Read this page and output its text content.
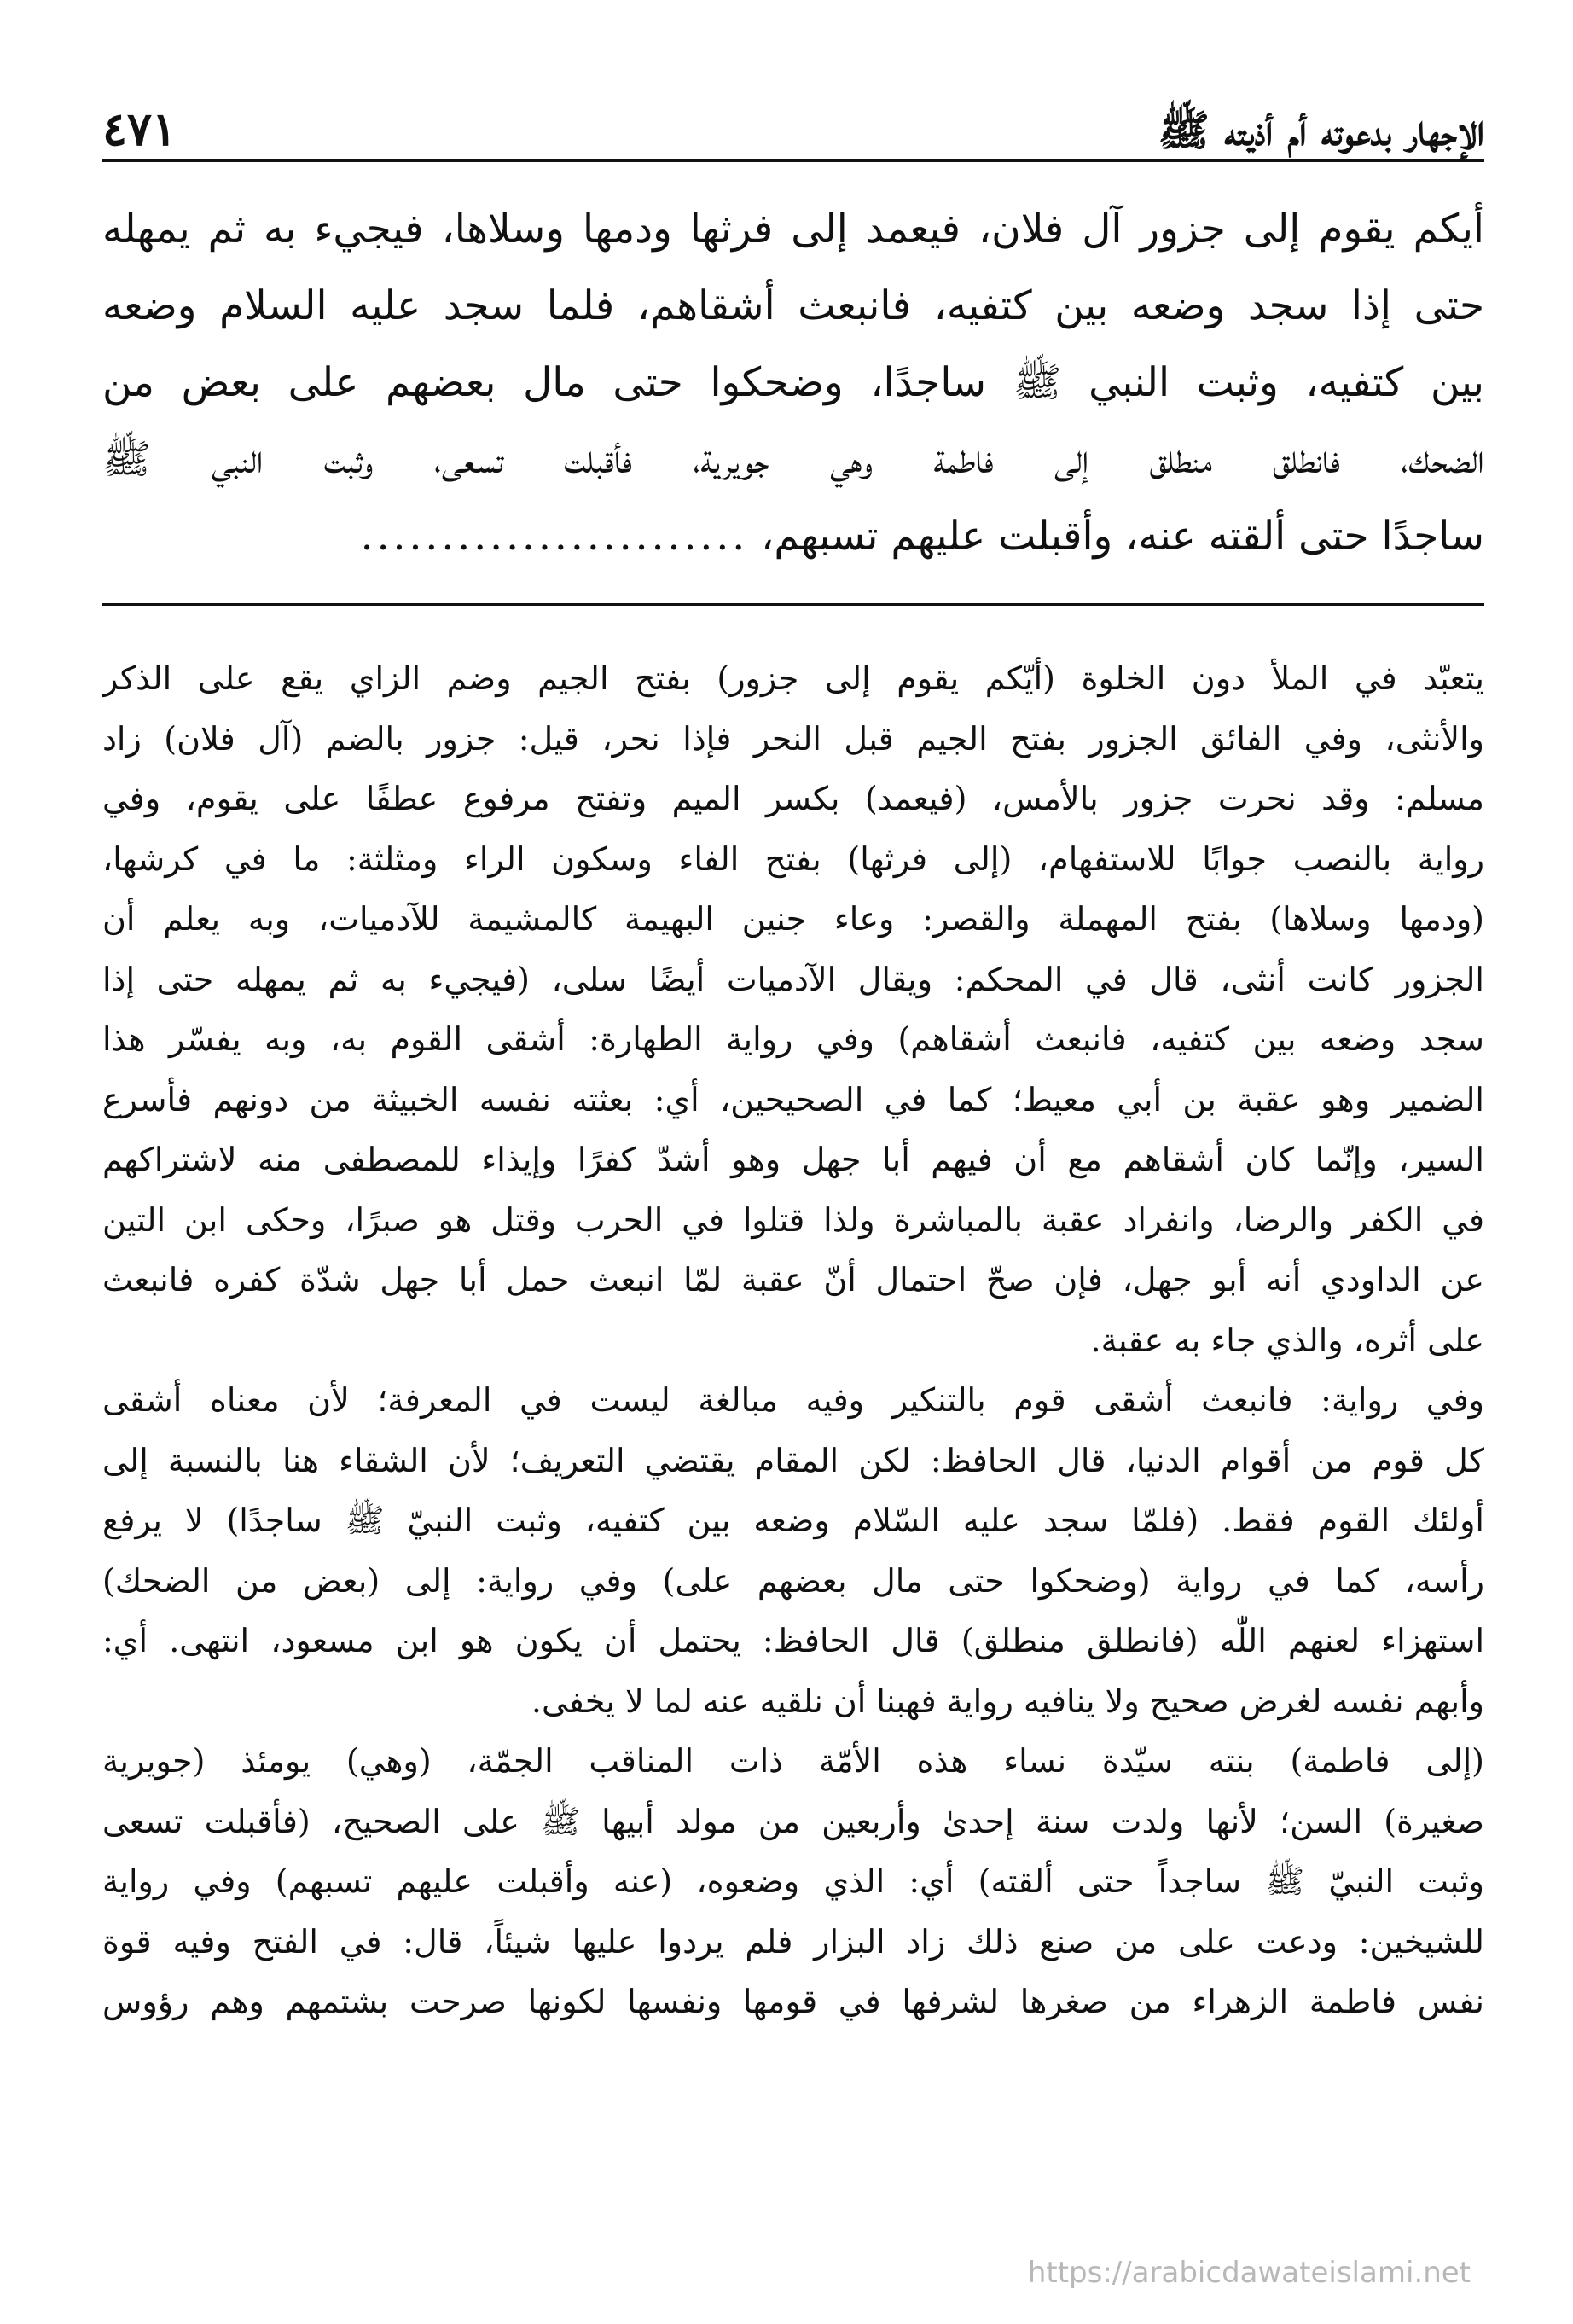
الإجهار بدعوته أم أذيته ﷺ
٤٧١
أيكم يقوم إلى جزور آل فلان، فيعمد إلى فرثها ودمها وسلاها، فيجيء به ثم يمهله
حتى إذا سجد وضعه بين كتفيه، فانبعث أشقاهم، فلما سجد عليه السلام وضعه
بين كتفيه، وثبت النبي ﷺ ساجدًا، وضحكوا حتى مال بعضهم على بعض من
الضحك، فانطلق منطلق إلى فاطمة وهي جويرية، فأقبلت تسعى، وثبت النبي ﷺ
ساجدًا حتى ألقته عنه، وأقبلت عليهم تسبهم، ........................
يتعبّد في الملأ دون الخلوة (أيّكم يقوم إلى جزور) بفتح الجيم وضم الزاي يقع على الذكر
والأنثى، وفي الفائق الجزور بفتح الجيم قبل النحر فإذا نحر، قيل: جزور بالضم (آل فلان) زاد
مسلم: وقد نحرت جزور بالأمس، (فيعمد) بكسر الميم وتفتح مرفوع عطفًا على يقوم، وفي
رواية بالنصب جوابًا للاستفهام، (إلى فرثها) بفتح الفاء وسكون الراء ومثلثة: ما في كرشها،
(ودمها وسلاها) بفتح المهملة والقصر: وعاء جنين البهيمة كالمشيمة للآدميات، وبه يعلم أن
الجزور كانت أنثى، قال في المحكم: ويقال الآدميات أيضًا سلى، (فيجيء به ثم يمهله حتى إذا
سجد وضعه بين كتفيه، فانبعث أشقاهم) وفي رواية الطهارة: أشقى القوم به، وبه يفسّر هذا
الضمير وهو عقبة بن أبي معيط؛ كما في الصحيحين، أي: بعثته نفسه الخبيثة من دونهم فأسرع
السير، وإنّما كان أشقاهم مع أن فيهم أبا جهل وهو أشدّ كفرًا وإيذاء للمصطفى منه لاشتراكهم
في الكفر والرضا، وانفراد عقبة بالمباشرة ولذا قتلوا في الحرب وقتل هو صبرًا، وحكى ابن التين
عن الداودي أنه أبو جهل، فإن صحّ احتمال أنّ عقبة لمّا انبعث حمل أبا جهل شدّة كفره فانبعث
على أثره، والذي جاء به عقبة.
وفي رواية: فانبعث أشقى قوم بالتنكير وفيه مبالغة ليست في المعرفة؛ لأن معناه أشقى
كل قوم من أقوام الدنيا، قال الحافظ: لكن المقام يقتضي التعريف؛ لأن الشقاء هنا بالنسبة إلى
أولئك القوم فقط. (فلمّا سجد عليه السّلام وضعه بين كتفيه، وثبت النبيّ ﷺ ساجدًا) لا يرفع
رأسه، كما في رواية (وضحكوا حتى مال بعضهم على) وفي رواية: إلى (بعض من الضحك)
استهزاء لعنهم اللّٰه (فانطلق منطلق) قال الحافظ: يحتمل أن يكون هو ابن مسعود، انتهى. أي:
وأبهم نفسه لغرض صحيح ولا ينافيه رواية فهبنا أن نلقيه عنه لما لا يخفى.
(إلى فاطمة) بنته سيّدة نساء هذه الأمّة ذات المناقب الجمّة، (وهي) يومئذ (جويرية
صغيرة) السن؛ لأنها ولدت سنة إحدىٰ وأربعين من مولد أبيها ﷺ على الصحيح، (فأقبلت تسعى
وثبت النبيّ ﷺ ساجداً حتى ألقته) أي: الذي وضعوه، (عنه وأقبلت عليهم تسبهم) وفي رواية
للشيخين: ودعت على من صنع ذلك زاد البزار فلم يردوا عليها شيئاً، قال: في الفتح وفيه قوة
نفس فاطمة الزهراء من صغرها لشرفها في قومها ونفسها لكونها صرحت بشتمهم وهم رؤوس
https://arabicdawateislami.net
